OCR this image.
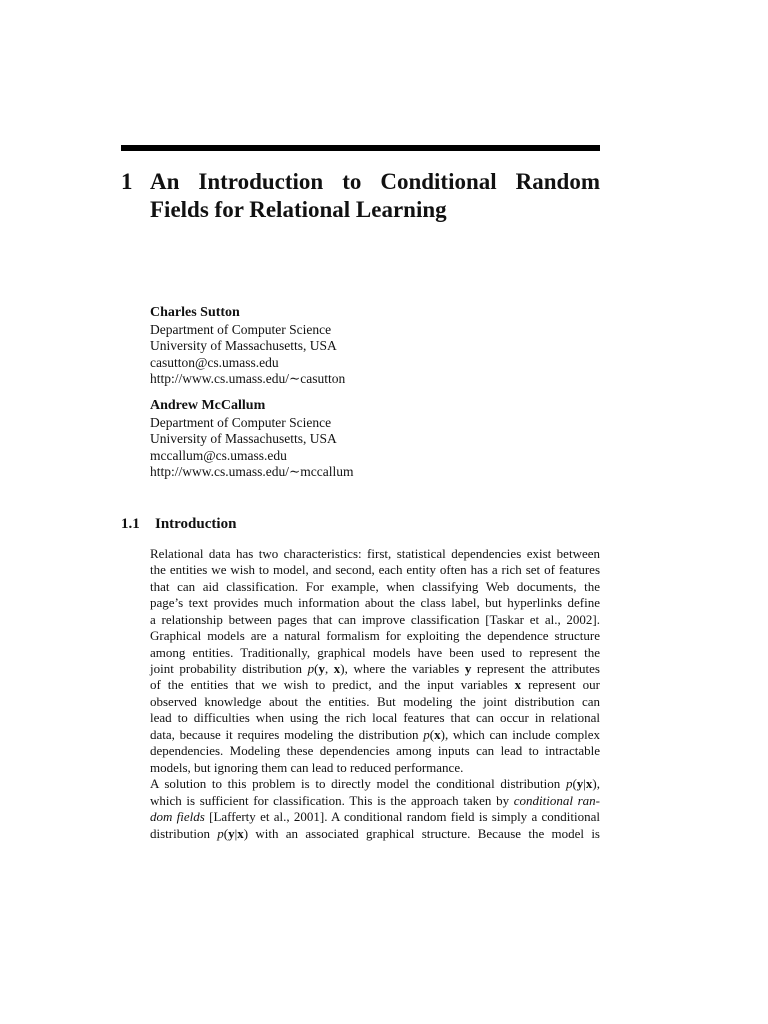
1 An Introduction to Conditional Random
Fields for Relational Learning
Charles Sutton
Department of Computer Science
University of Massachusetts, USA
casutton@cs.umass.edu
http://www.cs.umass.edu/∼casutton
Andrew McCallum
Department of Computer Science
University of Massachusetts, USA
mccallum@cs.umass.edu
http://www.cs.umass.edu/∼mccallum
1.1 Introduction
Relational data has two characteristics: first, statistical dependencies exist between
the entities we wish to model, and second, each entity often has a rich set of features
that can aid classification. For example, when classifying Web documents, the
page’s text provides much information about the class label, but hyperlinks define
a relationship between pages that can improve classification [Taskar et al., 2002].
Graphical models are a natural formalism for exploiting the dependence structure
among entities. Traditionally, graphical models have been used to represent the
joint probability distribution p(y, x), where the variables y represent the attributes
of the entities that we wish to predict, and the input variables x represent our
observed knowledge about the entities. But modeling the joint distribution can
lead to difficulties when using the rich local features that can occur in relational
data, because it requires modeling the distribution p(x), which can include complex
dependencies. Modeling these dependencies among inputs can lead to intractable
models, but ignoring them can lead to reduced performance.
A solution to this problem is to directly model the conditional distribution p(y|x),
which is sufficient for classification. This is the approach taken by conditional ran-
dom fields [Lafferty et al., 2001]. A conditional random field is simply a conditional
distribution p(y|x) with an associated graphical structure. Because the model is
